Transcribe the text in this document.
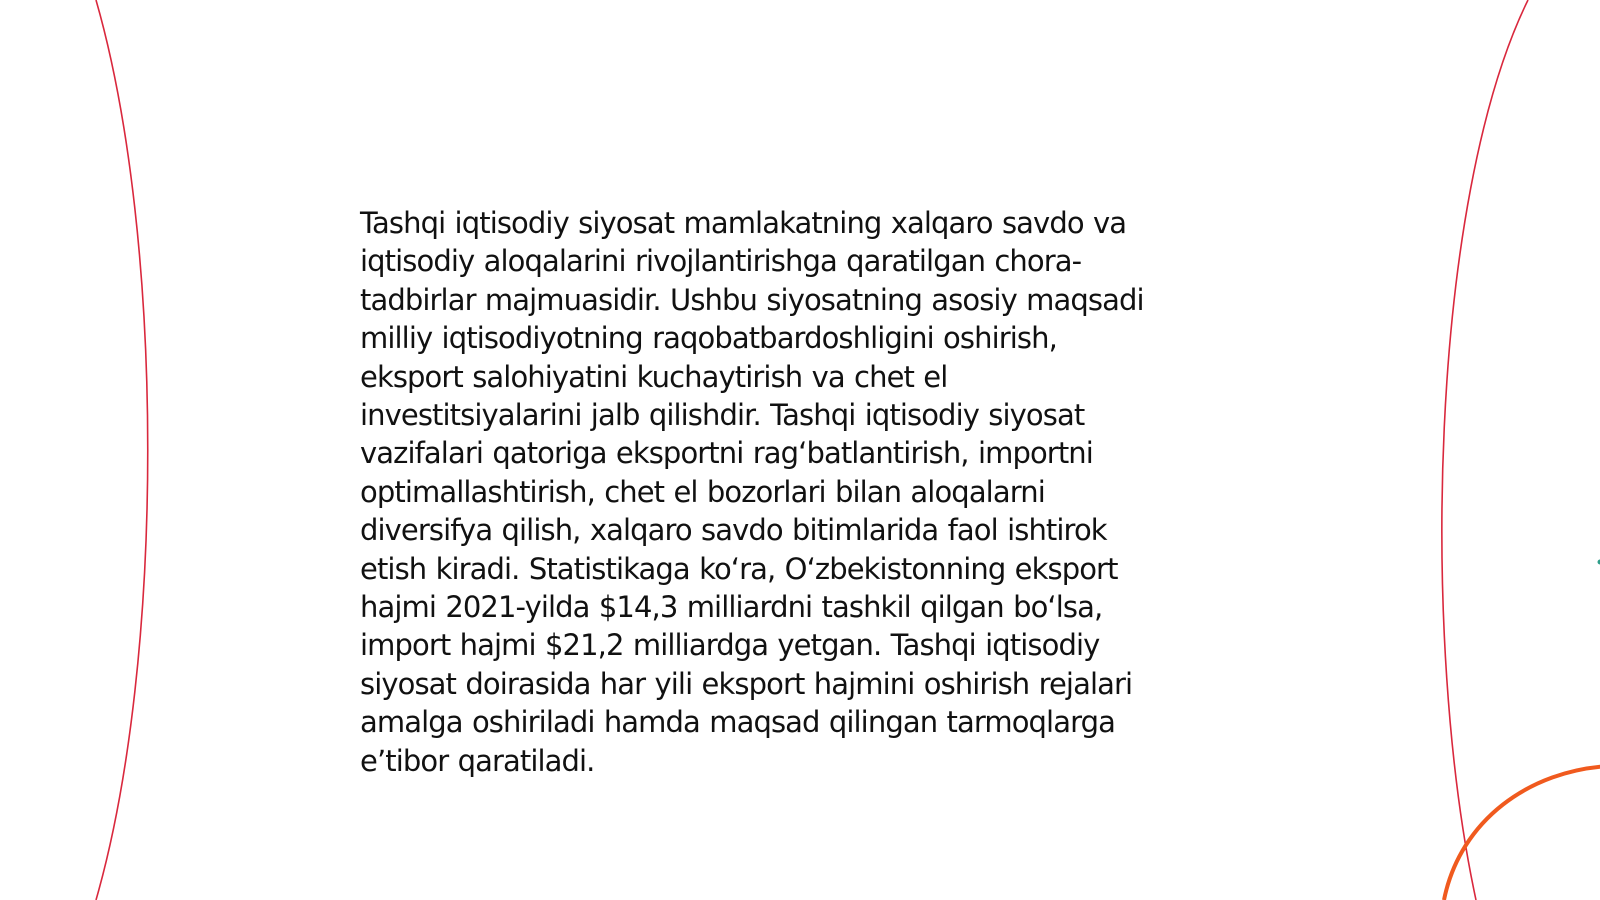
Tashqi iqtisodiy siyosat mamlakatning xalqaro savdo va
iqtisodiy aloqalarini rivojlantirishga qaratilgan chora-
tadbirlar majmuasidir. Ushbu siyosatning asosiy maqsadi
milliy iqtisodiyotning raqobatbardoshligini oshirish,
eksport salohiyatini kuchaytirish va chet el
investitsiyalarini jalb qilishdir. Tashqi iqtisodiy siyosat
vazifalari qatoriga eksportni rag‘batlantirish, importni
optimallashtirish, chet el bozorlari bilan aloqalarni
diversifya qilish, xalqaro savdo bitimlarida faol ishtirok
etish kiradi. Statistikaga ko‘ra, O‘zbekistonning eksport
hajmi 2021-yilda $14,3 milliardni tashkil qilgan bo‘lsa,
import hajmi $21,2 milliardga yetgan. Tashqi iqtisodiy
siyosat doirasida har yili eksport hajmini oshirish rejalari
amalga oshiriladi hamda maqsad qilingan tarmoqlarga
e’tibor qaratiladi.
